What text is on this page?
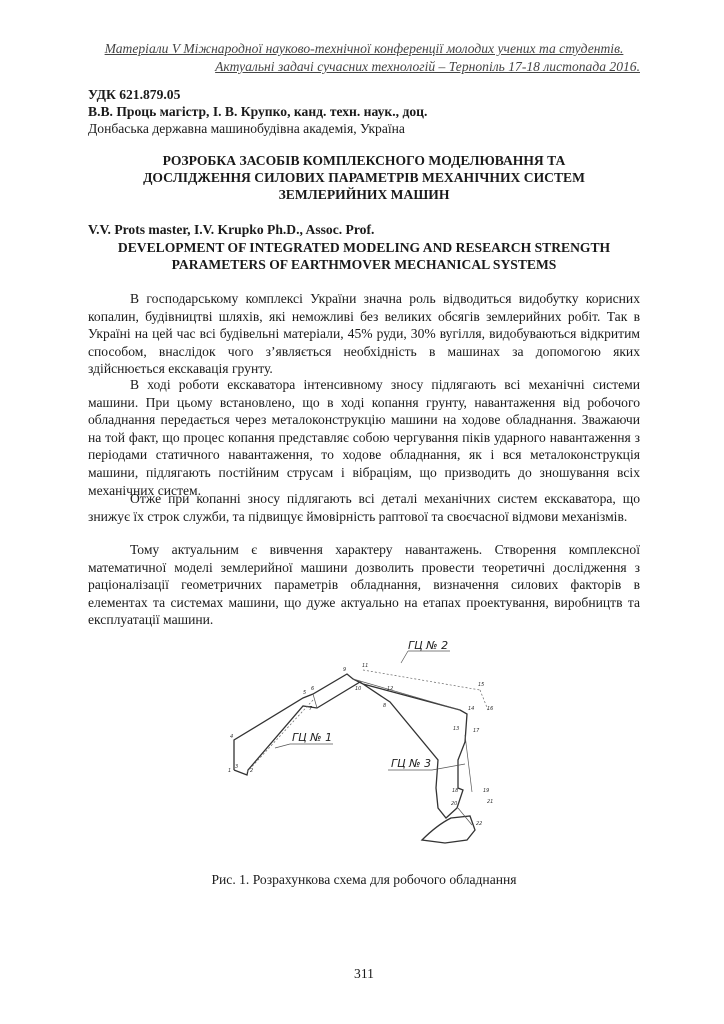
Матеріали V Міжнародної науково-технічної конференції молодих учених та студентів.
Актуальні задачі сучасних технологій – Тернопіль 17-18 листопада 2016.
УДК 621.879.05
В.В. Проць магістр, І. В. Крупко, канд. техн. наук., доц.
Донбаська державна машинобудівна академія, Україна
РОЗРОБКА ЗАСОБІВ КОМПЛЕКСНОГО МОДЕЛЮВАННЯ ТА
ДОСЛІДЖЕННЯ СИЛОВИХ ПАРАМЕТРІВ МЕХАНІЧНИХ СИСТЕМ
ЗЕМЛЕРИЙНИХ МАШИН
V.V. Prots master, I.V. Krupko Ph.D., Assoc. Prof.
DEVELOPMENT OF INTEGRATED MODELING AND RESEARCH STRENGTH
PARAMETERS OF EARTHMOVER MECHANICAL SYSTEMS

В господарському комплексі України значна роль відводиться видобутку корисних копалин, будівництві шляхів, які неможливі без великих обсягів землерийних робіт. Так в Україні на цей час всі будівельні матеріали, 45% руди, 30% вугілля, видобуваються відкритим способом, внаслідок чого з’являється необхідність в машинах за допомогою яких здійснюється екскавація грунту.

В ході роботи екскаватора інтенсивному зносу підлягають всі механічні системи машини. При цьому встановлено, що в ході копання грунту, навантаження від робочого обладнання передається через металоконструкцію машини на ходове обладнання. Зважаючи на той факт, що процес копання представляє собою чергування піків ударного навантаження з періодами статичного навантаження, то ходове обладнання, як і вся металоконструкція машини, підлягають постійним струсам і вібраціям, що призводить до зношування всіх механічних систем.

Отже при копанні зносу підлягають всі деталі механічних систем екскаватора, що знижує їх строк служби, та підвищує ймовірність раптової та своєчасної відмови механізмів.

Тому актуальним є вивчення характеру навантажень. Створення комплексної математичної моделі землерийної машини дозволить провести теоретичні дослідження з раціоналізації геометричних параметрів обладнання, визначення силових факторів в елементах та системах машини, що дуже актуально на етапах проектування, виробництв та експлуатації машини.

ГЦ № 1
ГЦ № 2
ГЦ № 3
1	2
3
4
5
6
7	8
9
10
11
12
13
14
15
16
17
18	19
20	21
22
Рис. 1. Розрахункова схема для робочого обладнання
311
